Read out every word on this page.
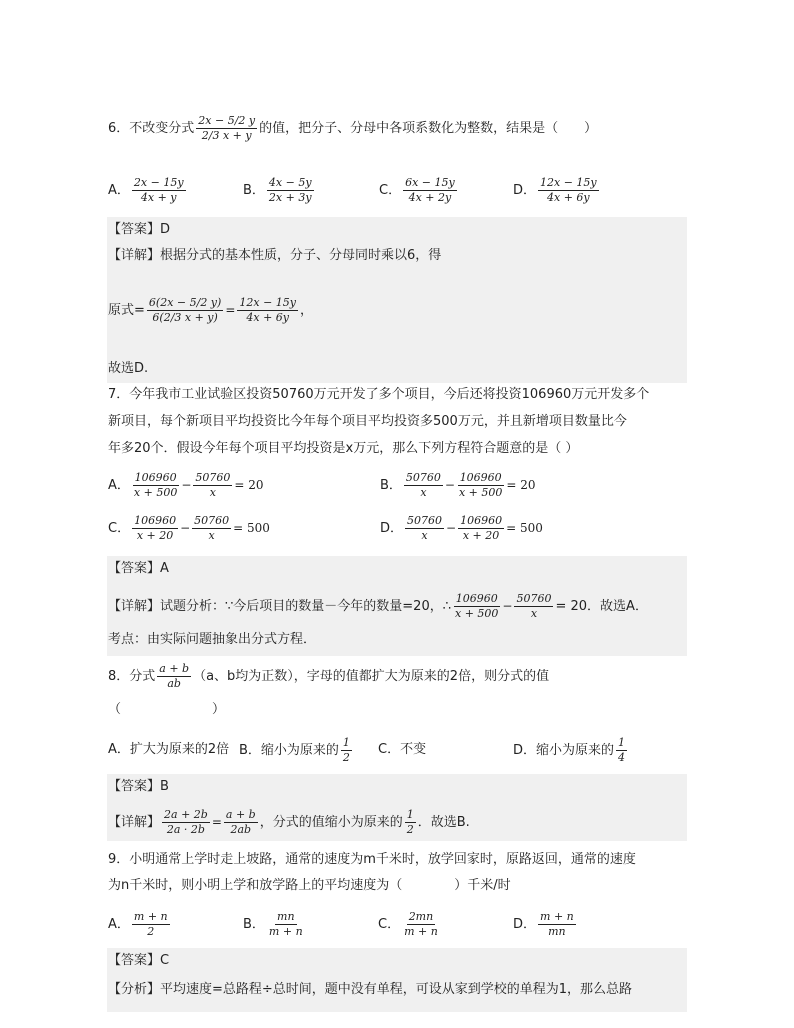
6．不改变分式 $\frac{2x - 5/2 y}{2/3 x + y}$ 的值，把分子、分母中各项系数化为整数，结果是（　　）
A． $\frac{2x - 15y}{4x + y}$	B． $\frac{4x - 5y}{2x + 3y}$	C． $\frac{6x - 15y}{4x + 2y}$	D． $\frac{12x - 15y}{4x + 6y}$
【答案】D
【详解】根据分式的基本性质，分子、分母同时乘以6，得
原式= $\frac{6(2x - 5/2 y)}{6(2/3 x + y)} = \frac{12x - 15y}{4x + 6y}$ ，
故选D.
7．今年我市工业试验区投资50760万元开发了多个项目，今后还将投资106960万元开发多个
新项目，每个新项目平均投资比今年每个项目平均投资多500万元，并且新增项目数量比今
年多20个．假设今年每个项目平均投资是x万元，那么下列方程符合题意的是（ ）
A． $\frac{106960}{x + 500} - \frac{50760}{x} = 20$	B． $\frac{50760}{x} - \frac{106960}{x + 500} = 20$
C． $\frac{106960}{x + 20} - \frac{50760}{x} = 500$	D． $\frac{50760}{x} - \frac{106960}{x + 20} = 500$
【答案】A
【详解】试题分析：∵今后项目的数量－今年的数量=20，∴ $\frac{106960}{x + 500} - \frac{50760}{x} = 20$．故选A．
考点：由实际问题抽象出分式方程．
8．分式 $\frac{a + b}{ab} (a$、b均为正数），字母的值都扩大为原来的2倍，则分式的值
（　　　　　　　）
A．扩大为原来的2倍 B．缩小为原来的 $\frac{1}{2}$ C．不变	D．缩小为原来的 $\frac{1}{4}$
【答案】B
【详解】 $\frac{2a + 2b}{2a \cdot 2b} = \frac{a + b}{2ab}$ ，分式的值缩小为原来的 $\frac{1}{2}$ ．故选B.
9．小明通常上学时走上坡路，通常的速度为m千米时，放学回家时，原路返回，通常的速度
为n千米时，则小明上学和放学路上的平均速度为（　　　　）千米/时
A． $\frac{m + n}{2}$	B． $\frac{mn}{m + n}$	C． $\frac{2mn}{m + n}$	D． $\frac{m + n}{mn}$
【答案】C
【分析】平均速度=总路程÷总时间，题中没有单程，可设从家到学校的单程为1，那么总路
